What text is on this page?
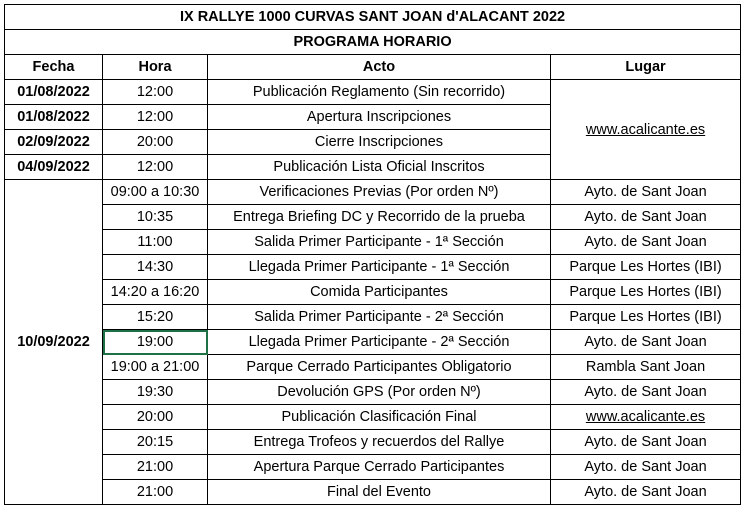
IX RALLYE 1000 CURVAS SANT JOAN d'ALACANT 2022			
PROGRAMA HORARIO			
Fecha	Hora	Acto	Lugar
01/08/2022	12:00	Publicación Reglamento (Sin recorrido)	www.acalicante.es
01/08/2022	12:00	Apertura Inscripciones	
02/09/2022	20:00	Cierre Inscripciones	
04/09/2022	12:00	Publicación Lista Oficial Inscritos	
10/09/2022	09:00 a 10:30	Verificaciones Previas (Por orden Nº)	Ayto. de Sant Joan
	10:35	Entrega Briefing DC y Recorrido de la prueba	Ayto. de Sant Joan
	11:00	Salida Primer Participante - 1ª Sección	Ayto. de Sant Joan
	14:30	Llegada Primer Participante - 1ª Sección	Parque Les Hortes (IBI)
	14:20 a 16:20	Comida Participantes	Parque Les Hortes (IBI)
	15:20	Salida Primer Participante - 2ª Sección	Parque Les Hortes (IBI)
	19:00	Llegada Primer Participante - 2ª Sección	Ayto. de Sant Joan
	19:00 a 21:00	Parque Cerrado Participantes Obligatorio	Rambla Sant Joan
	19:30	Devolución GPS (Por orden Nº)	Ayto. de Sant Joan
	20:00	Publicación Clasificación Final	www.acalicante.es
	20:15	Entrega Trofeos y recuerdos del Rallye	Ayto. de Sant Joan
	21:00	Apertura Parque Cerrado Participantes	Ayto. de Sant Joan
	21:00	Final del Evento	Ayto. de Sant Joan
